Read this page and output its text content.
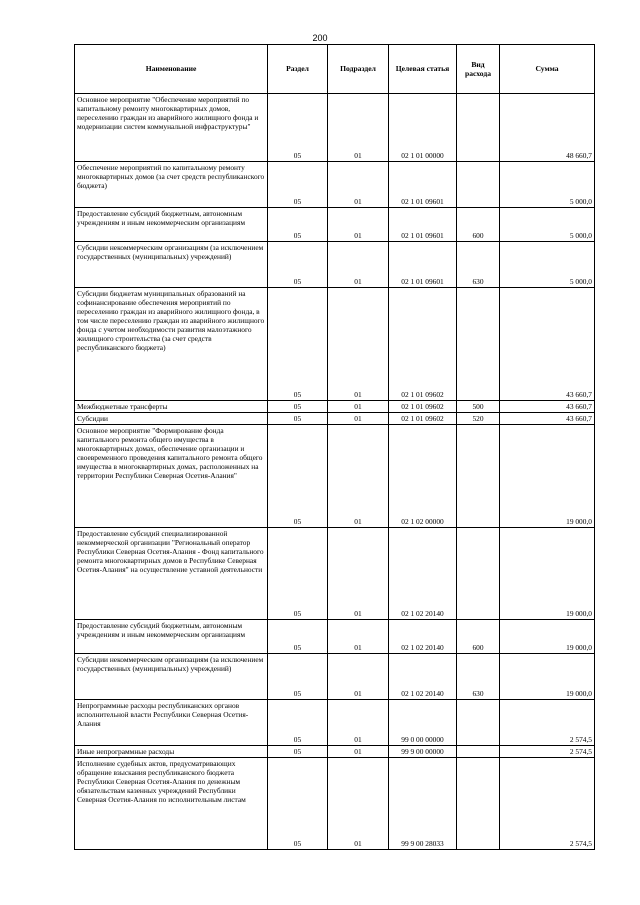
200
Наименование	Раздел	Подраздел	Целевая статья	Вид расхода	Сумма
Основное мероприятие "Обеспечение мероприятий по капитальному ремонту многоквартирных домов, переселению граждан из аварийного жилищного фонда и модернизации систем коммунальной инфраструктуры"	05	01	02 1 01 00000		48 660,7
Обеспечение мероприятий по капитальному ремонту многоквартирных домов (за счет средств республиканского бюджета)	05	01	02 1 01 09601		5 000,0
Предоставление субсидий бюджетным, автономным учреждениям и иным некоммерческим организациям	05	01	02 1 01 09601	600	5 000,0
Субсидии некоммерческим организациям (за исключением государственных (муниципальных) учреждений)	05	01	02 1 01 09601	630	5 000,0
Субсидии бюджетам муниципальных образований на софинансирование обеспечения мероприятий по переселению граждан из аварийного жилищного фонда, в том числе переселению граждан из аварийного жилищного фонда с учетом необходимости развития малоэтажного жилищного строительства (за счет средств республиканского бюджета)	05	01	02 1 01 09602		43 660,7
Межбюджетные трансферты	05	01	02 1 01 09602	500	43 660,7
Субсидии	05	01	02 1 01 09602	520	43 660,7
Основное мероприятие "Формирование фонда капитального ремонта общего имущества в многоквартирных домах, обеспечение организации и своевременного проведения капитального ремонта общего имущества в многоквартирных домах, расположенных на территории Республики Северная Осетия-Алания"	05	01	02 1 02 00000		19 000,0
Предоставление субсидий специализированной некоммерческой организации "Региональный оператор Республики Северная Осетия-Алания - Фонд капитального ремонта многоквартирных домов в Республике Северная Осетия-Алания" на осуществление уставной деятельности	05	01	02 1 02 20140		19 000,0
Предоставление субсидий бюджетным, автономным учреждениям и иным некоммерческим организациям	05	01	02 1 02 20140	600	19 000,0
Субсидии некоммерческим организациям (за исключением государственных (муниципальных) учреждений)	05	01	02 1 02 20140	630	19 000,0
Непрограммные расходы республиканских органов исполнительной власти Республики Северная Осетия-Алания	05	01	99 0 00 00000		2 574,5
Иные непрограммные расходы	05	01	99 9 00 00000		2 574,5
Исполнение судебных актов, предусматривающих обращение взыскания республиканского бюджета Республики Северная Осетия-Алания по денежным обязательствам казенных учреждений Республики Северная Осетия-Алания по исполнительным листам	05	01	99 9 00 28033		2 574,5
